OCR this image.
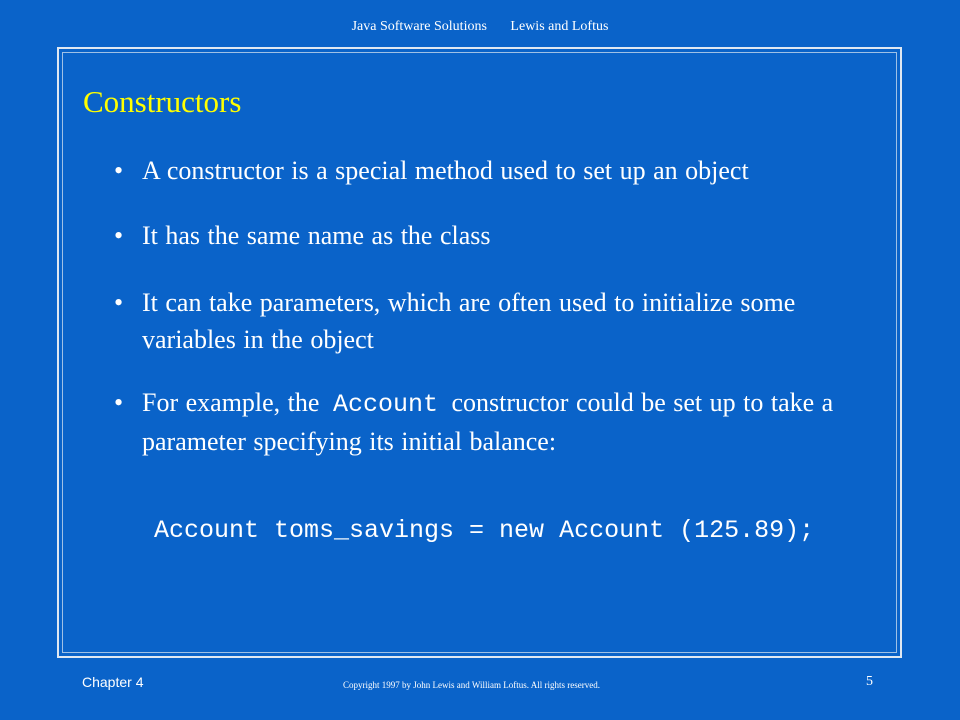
Java Software Solutions Lewis and Loftus
Constructors
• A constructor is a special method used to set up an object
• It has the same name as the class
• It can take parameters, which are often used to initialize some variables in the object
• For example, the Account constructor could be set up to take a parameter specifying its initial balance:
Account toms_savings = new Account (125.89);
Chapter 4	Copyright 1997 by John Lewis and William Loftus. All rights reserved.	5
